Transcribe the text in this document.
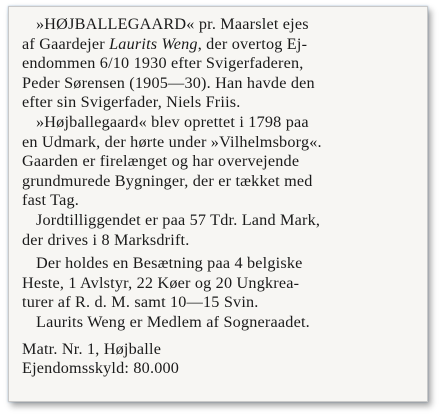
»HØJBALLEGAARD« pr. Maarslet ejes
af Gaardejer Laurits Weng, der overtog Ej-
endommen 6/10 1930 efter Svigerfaderen,
Peder Sørensen (1905—30). Han havde den
efter sin Svigerfader, Niels Friis.
»Højballegaard« blev oprettet i 1798 paa
en Udmark, der hørte under »Vilhelmsborg«.
Gaarden er firelænget og har overvejende
grundmurede Bygninger, der er tækket med
fast Tag.
Jordtilliggendet er paa 57 Tdr. Land Mark,
der drives i 8 Marksdrift.
Der holdes en Besætning paa 4 belgiske
Heste, 1 Avlstyr, 22 Køer og 20 Ungkrea-
turer af R. d. M. samt 10—15 Svin.
Laurits Weng er Medlem af Sogneraadet.
Matr. Nr. 1, Højballe
Ejendomsskyld: 80.000
